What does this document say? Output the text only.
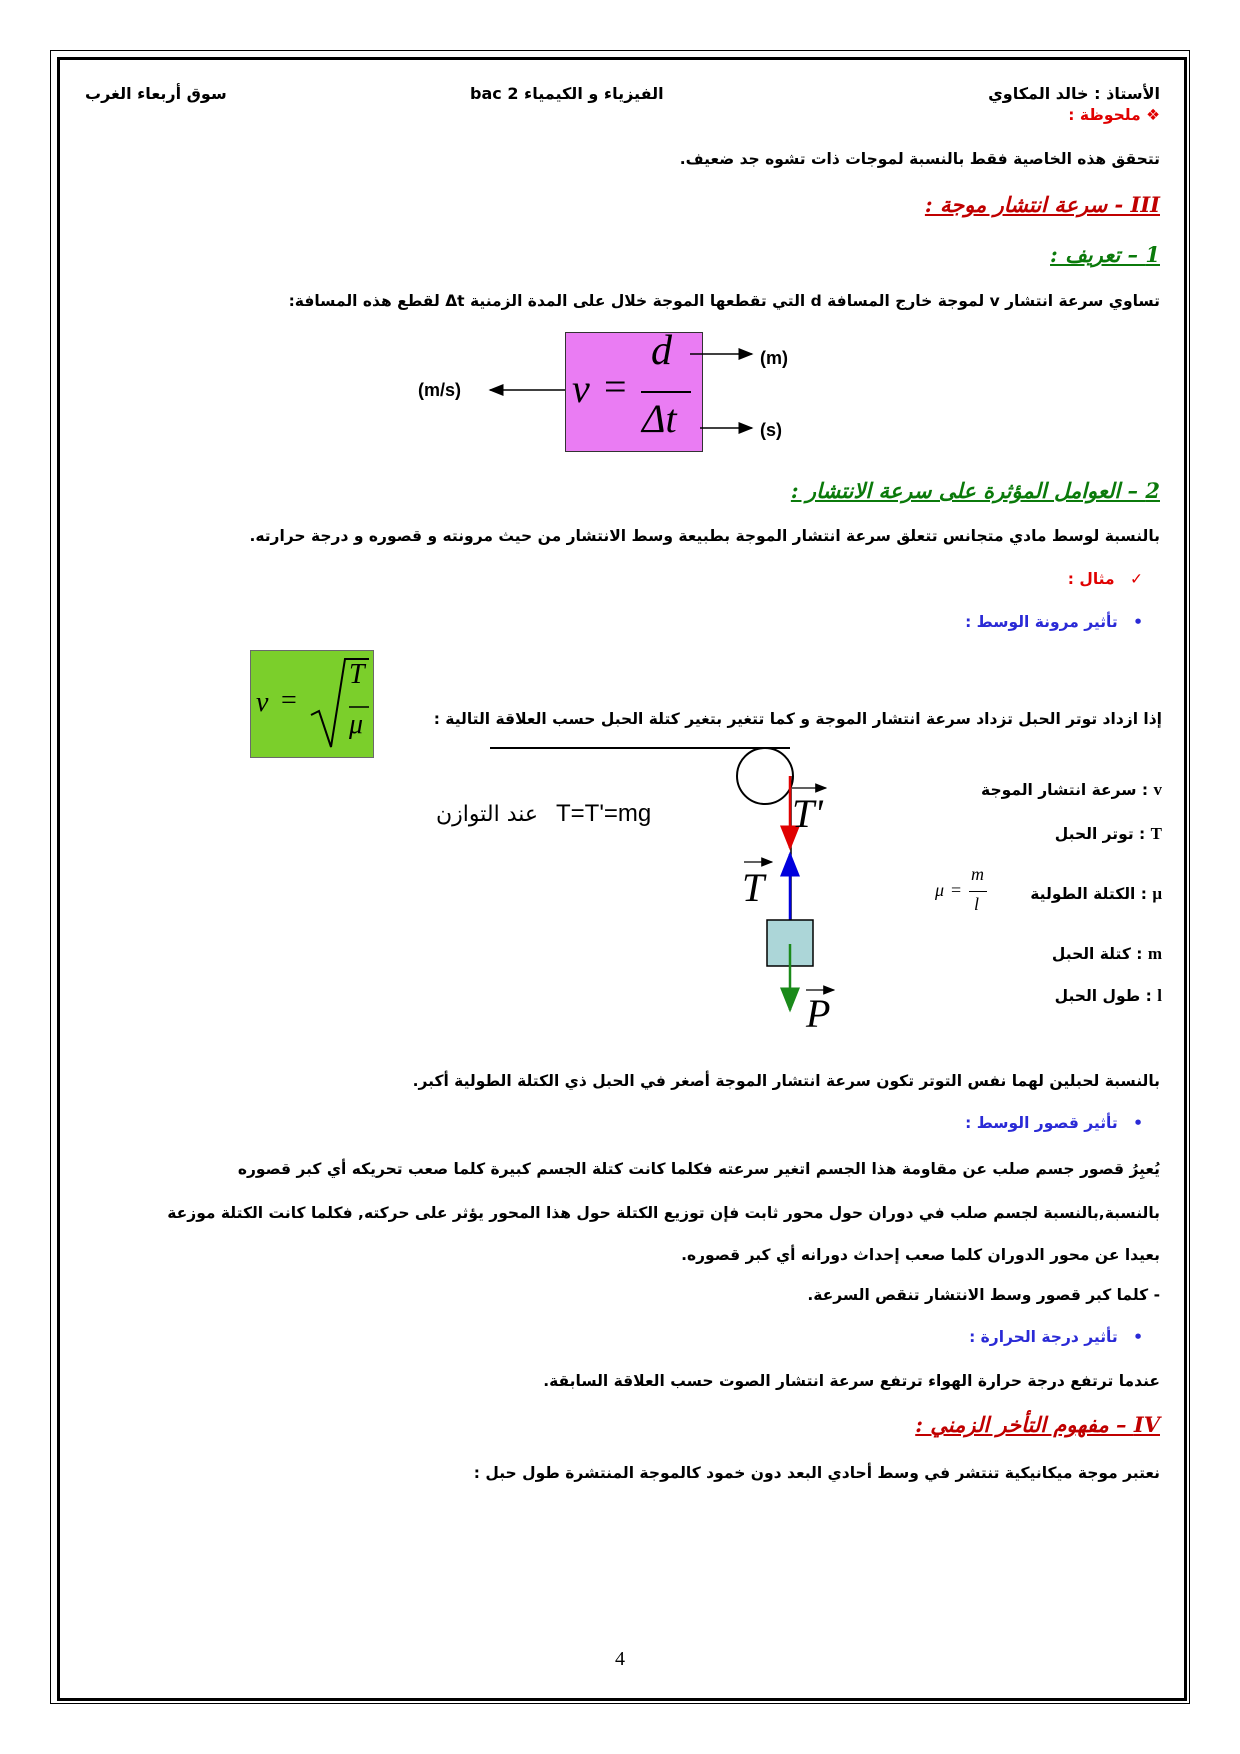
الأستاذ : خالد المكاوي
الفيزياء و الكيمياء 2 bac
سوق أربعاء الغرب
❖ ملحوظة :
تتحقق هذه الخاصية فقط بالنسبة لموجات ذات تشوه جد ضعيف.
III - سرعة انتشار موجة :
1 – تعريف :
تساوي سرعة انتشار v لموجة خارج المسافة d التي تقطعها الموجة خلال على المدة الزمنية Δt لقطع هذه المسافة:
v =
d
Δt
(m/s)
(m)
(s)
2 – العوامل المؤثرة على سرعة الانتشار :
بالنسبة لوسط مادي متجانس تتعلق سرعة انتشار الموجة بطبيعة وسط الانتشار من حيث مرونته و قصوره و درجة حرارته.
✓ مثال :
• تأثير مرونة الوسط :
v =
T
μ	إذا ازداد توتر الحبل تزداد سرعة انتشار الموجة و كما تتغير بتغير كتلة الحبل حسب العلاقة التالية :
T'
T
P
T=T'=mg
عند التوازن
v : سرعة انتشار الموجة
T : توتر الحبل
μ : الكتلة الطولية
μ =
m
l
m : كتلة الحبل
l : طول الحبل
بالنسبة لحبلين لهما نفس التوتر تكون سرعة انتشار الموجة أصغر في الحبل ذي الكتلة الطولية أكبر.
• تأثير قصور الوسط :
يُعبِرُ قصور جسم صلب عن مقاومة هذا الجسم اتغير سرعته فكلما كانت كتلة الجسم كبيرة كلما صعب تحريكه أي كبر قصوره
بالنسبة,بالنسبة لجسم صلب في دوران حول محور ثابت فإن توزيع الكتلة حول هذا المحور يؤثر على حركته, فكلما كانت الكتلة موزعة
بعيدا عن محور الدوران كلما صعب إحداث دورانه أي كبر قصوره.
- كلما كبر قصور وسط الانتشار تنقص السرعة.
• تأثير درجة الحرارة :
عندما ترتفع درجة حرارة الهواء ترتفع سرعة انتشار الصوت حسب العلاقة السابقة.
IV – مفهوم التأخر الزمني :
نعتبر موجة ميكانيكية تنتشر في وسط أحادي البعد دون خمود كالموجة المنتشرة طول حبل :
4
